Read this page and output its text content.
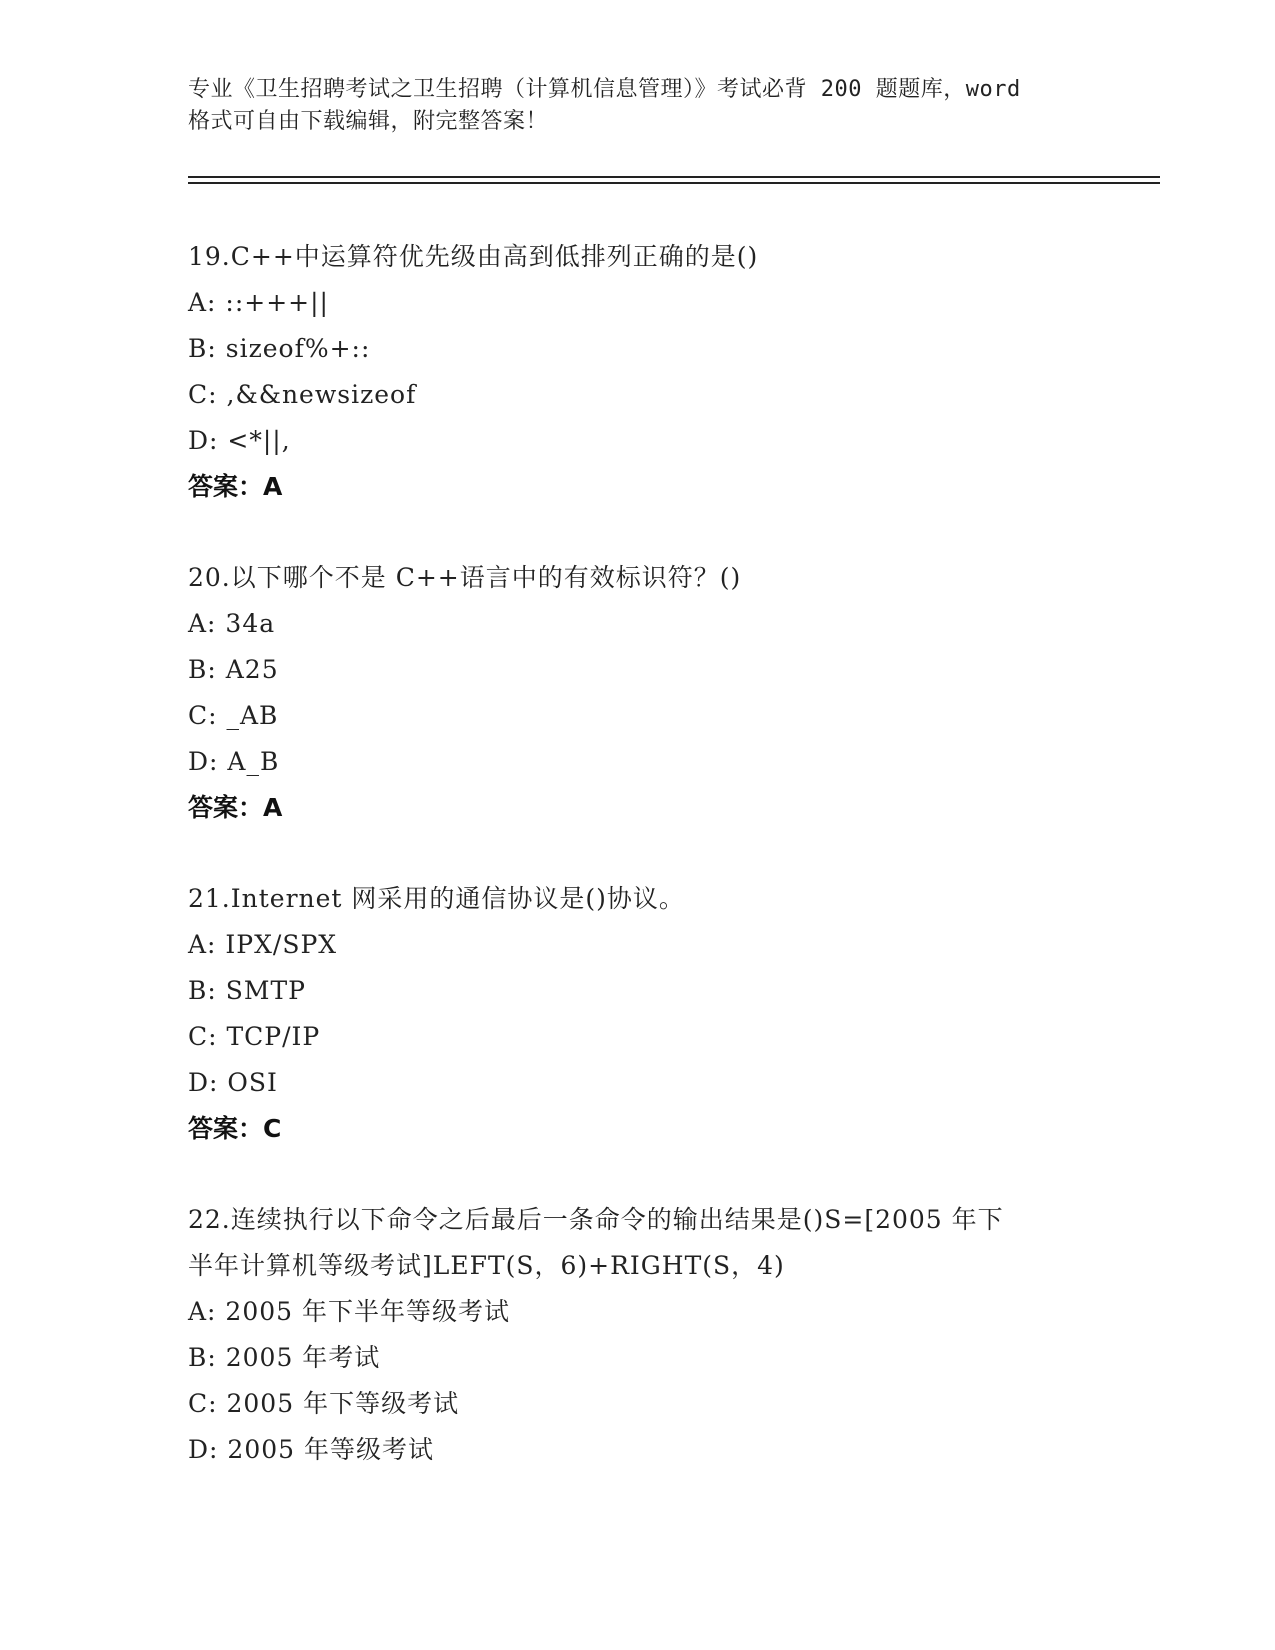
专业《卫生招聘考试之卫生招聘（计算机信息管理）》考试必背 200 题题库，word
格式可自由下载编辑，附完整答案！

19.C++中运算符优先级由高到低排列正确的是()

A: ::+++||

B: sizeof%+::

C: ,&&newsizeof

D: <*||,

答案：A

20.以下哪个不是 C++语言中的有效标识符？()

A: 34a

B: A25

C: _AB

D: A_B

答案：A

21.Internet 网采用的通信协议是()协议。

A: IPX/SPX

B: SMTP

C: TCP/IP

D: OSI

答案：C

22.连续执行以下命令之后最后一条命令的输出结果是()S=[2005 年下

半年计算机等级考试]LEFT(S，6)+RIGHT(S，4)

A: 2005 年下半年等级考试

B: 2005 年考试

C: 2005 年下等级考试

D: 2005 年等级考试
